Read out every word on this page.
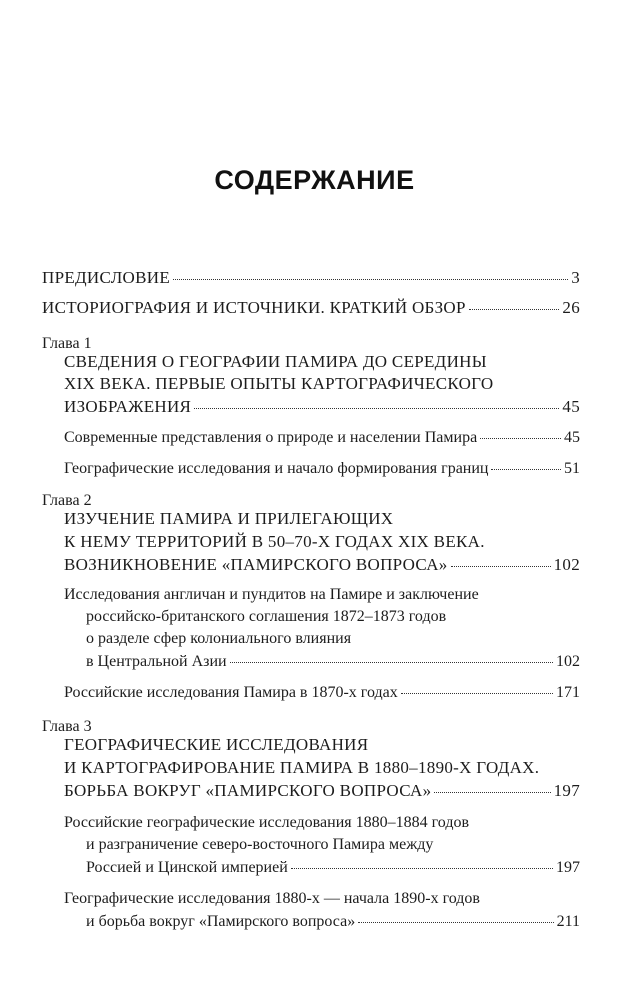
СОДЕРЖАНИЕ
ПРЕДИСЛОВИЕ	3
ИСТОРИОГРАФИЯ И ИСТОЧНИКИ. КРАТКИЙ ОБЗОР	26
Глава 1
СВЕДЕНИЯ О ГЕОГРАФИИ ПАМИРА ДО СЕРЕДИНЫ
XIX ВЕКА. ПЕРВЫЕ ОПЫТЫ КАРТОГРАФИЧЕСКОГО
ИЗОБРАЖЕНИЯ	45
Современные представления о природе и населении Памира	45
Географические исследования и начало формирования границ	51
Глава 2
ИЗУЧЕНИЕ ПАМИРА И ПРИЛЕГАЮЩИХ
К НЕМУ ТЕРРИТОРИЙ В 50–70-Х ГОДАХ XIX ВЕКА.
ВОЗНИКНОВЕНИЕ «ПАМИРСКОГО ВОПРОСА»	102
Исследования англичан и пундитов на Памире и заключение
российско-британского соглашения 1872–1873 годов
о разделе сфер колониального влияния
в Центральной Азии	102
Российские исследования Памира в 1870-х годах	171
Глава 3
ГЕОГРАФИЧЕСКИЕ ИССЛЕДОВАНИЯ
И КАРТОГРАФИРОВАНИЕ ПАМИРА В 1880–1890-Х ГОДАХ.
БОРЬБА ВОКРУГ «ПАМИРСКОГО ВОПРОСА»	197
Российские географические исследования 1880–1884 годов
и разграничение северо-восточного Памира между
Россией и Цинской империей	197
Географические исследования 1880-х — начала 1890-х годов
и борьба вокруг «Памирского вопроса»	211
